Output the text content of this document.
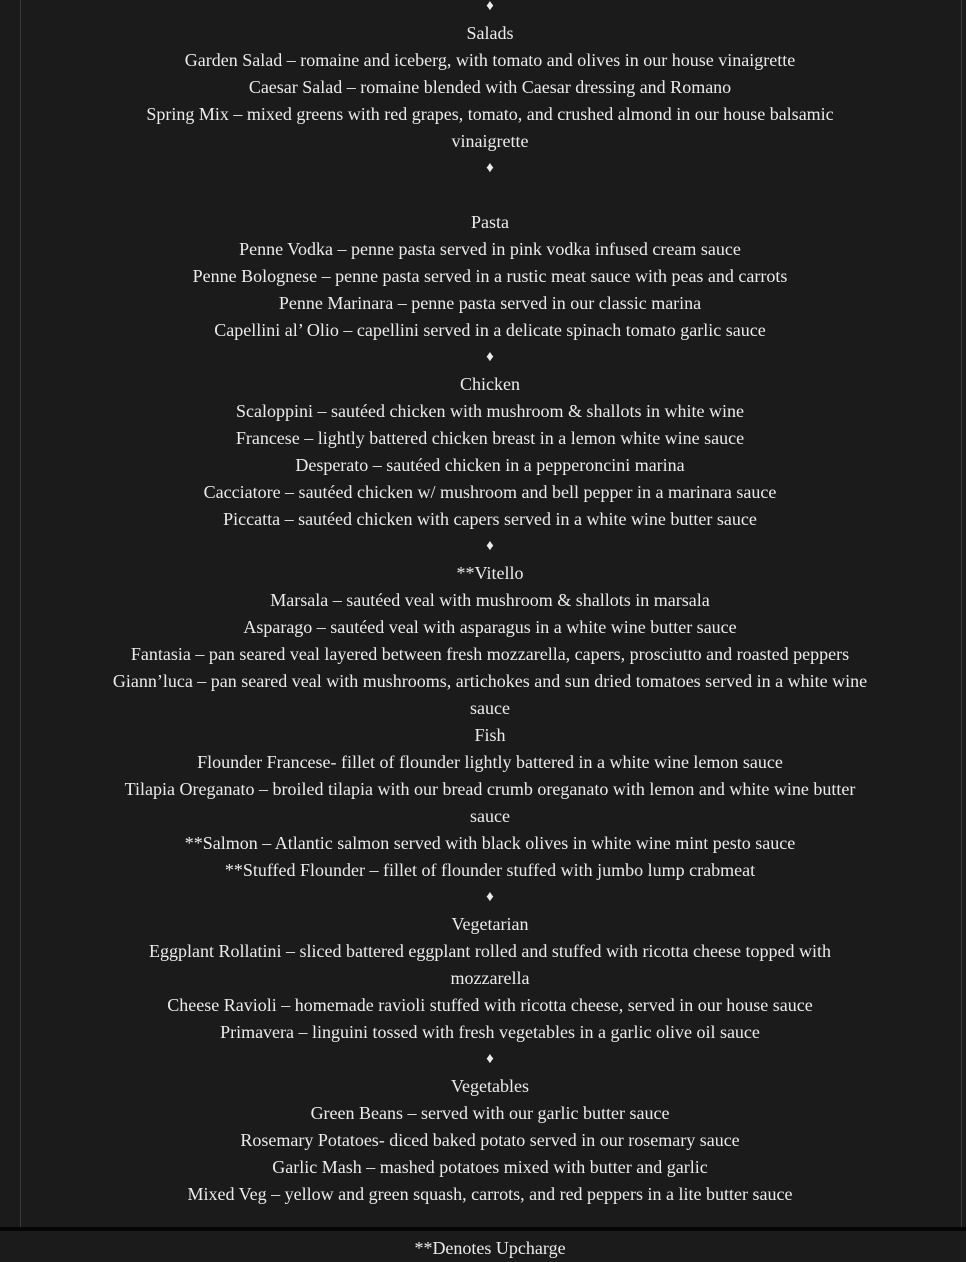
♦

Salads

Garden Salad – romaine and iceberg, with tomato and olives in our house vinaigrette

Caesar Salad – romaine blended with Caesar dressing and Romano

Spring Mix – mixed greens with red grapes, tomato, and crushed almond in our house balsamic vinaigrette

♦

Pasta

Penne Vodka – penne pasta served in pink vodka infused cream sauce

Penne Bolognese – penne pasta served in a rustic meat sauce with peas and carrots

Penne Marinara – penne pasta served in our classic marina

Capellini al’ Olio – capellini served in a delicate spinach tomato garlic sauce

♦

Chicken

Scaloppini – sautéed chicken with mushroom & shallots in white wine

Francese – lightly battered chicken breast in a lemon white wine sauce

Desperato – sautéed chicken in a pepperoncini marina

Cacciatore – sautéed chicken w/ mushroom and bell pepper in a marinara sauce

Piccatta – sautéed chicken with capers served in a white wine butter sauce

♦

**Vitello

Marsala – sautéed veal with mushroom & shallots in marsala

Asparago – sautéed veal with asparagus in a white wine butter sauce

Fantasia – pan seared veal layered between fresh mozzarella, capers, prosciutto and roasted peppers

Giann’luca – pan seared veal with mushrooms, artichokes and sun dried tomatoes served in a white wine sauce

Fish

Flounder Francese- fillet of flounder lightly battered in a white wine lemon sauce

Tilapia Oreganato – broiled tilapia with our bread crumb oreganato with lemon and white wine butter sauce

**Salmon – Atlantic salmon served with black olives in white wine mint pesto sauce

**Stuffed Flounder – fillet of flounder stuffed with jumbo lump crabmeat

♦

Vegetarian

Eggplant Rollatini – sliced battered eggplant rolled and stuffed with ricotta cheese topped with mozzarella

Cheese Ravioli – homemade ravioli stuffed with ricotta cheese, served in our house sauce

Primavera – linguini tossed with fresh vegetables in a garlic olive oil sauce

♦

Vegetables

Green Beans – served with our garlic butter sauce

Rosemary Potatoes- diced baked potato served in our rosemary sauce

Garlic Mash – mashed potatoes mixed with butter and garlic

Mixed Veg – yellow and green squash, carrots, and red peppers in a lite butter sauce

**Denotes Upcharge
